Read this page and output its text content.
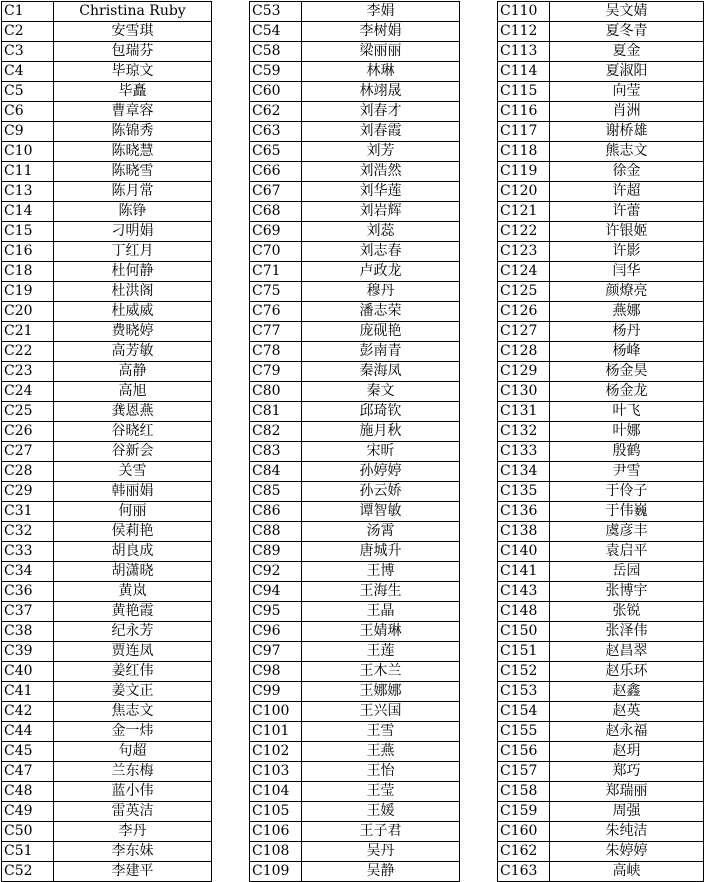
C1	Christina Ruby
C2	安雪琪
C3	包瑞芬
C4	毕琼文
C5	毕矗
C6	曹章容
C9	陈锦秀
C10	陈晓慧
C11	陈晓雪
C13	陈月常
C14	陈铮
C15	刁明娟
C16	丁红月
C18	杜何静
C19	杜洪阁
C20	杜威威
C21	费晓婷
C22	高芳敏
C23	高静
C24	高旭
C25	龚恩燕
C26	谷晓红
C27	谷新会
C28	关雪
C29	韩丽娟
C31	何丽
C32	侯莉艳
C33	胡良成
C34	胡潇晓
C36	黄岚
C37	黄艳霞
C38	纪永芳
C39	贾连凤
C40	姜红伟
C41	姜文正
C42	焦志文
C44	金一炜
C45	句超
C47	兰东梅
C48	蓝小伟
C49	雷英洁
C50	李丹
C51	李东妹
C52	李建平
C53	李娟
C54	李树娟
C58	梁丽丽
C59	林琳
C60	林翊晟
C62	刘春才
C63	刘春霞
C65	刘芳
C66	刘浩然
C67	刘华莲
C68	刘岩辉
C69	刘蕊
C70	刘志春
C71	卢政龙
C75	穆丹
C76	潘志荣
C77	庞砚艳
C78	彭南青
C79	秦海凤
C80	秦文
C81	邱琦钦
C82	施月秋
C83	宋昕
C84	孙婷婷
C85	孙云娇
C86	谭智敏
C88	汤霄
C89	唐城升
C92	王博
C94	王海生
C95	王晶
C96	王婧琳
C97	王莲
C98	王木兰
C99	王娜娜
C100	王兴国
C101	王雪
C102	王燕
C103	王怡
C104	王莹
C105	王媛
C106	王子君
C108	吴丹
C109	吴静
C110	吴文婧
C112	夏冬青
C113	夏金
C114	夏淑阳
C115	向莹
C116	肖洲
C117	谢桥雄
C118	熊志文
C119	徐金
C120	许超
C121	许蕾
C122	许银姬
C123	许影
C124	闫华
C125	颜燎亮
C126	燕娜
C127	杨丹
C128	杨峰
C129	杨金昊
C130	杨金龙
C131	叶飞
C132	叶娜
C133	殷鹤
C134	尹雪
C135	于伶子
C136	于伟巍
C138	虞彦丰
C140	袁启平
C141	岳园
C143	张博宇
C148	张锐
C150	张泽伟
C151	赵昌翠
C152	赵乐环
C153	赵鑫
C154	赵英
C155	赵永福
C156	赵玥
C157	郑巧
C158	郑瑞丽
C159	周强
C160	朱纯洁
C162	朱婷婷
C163	高峡
